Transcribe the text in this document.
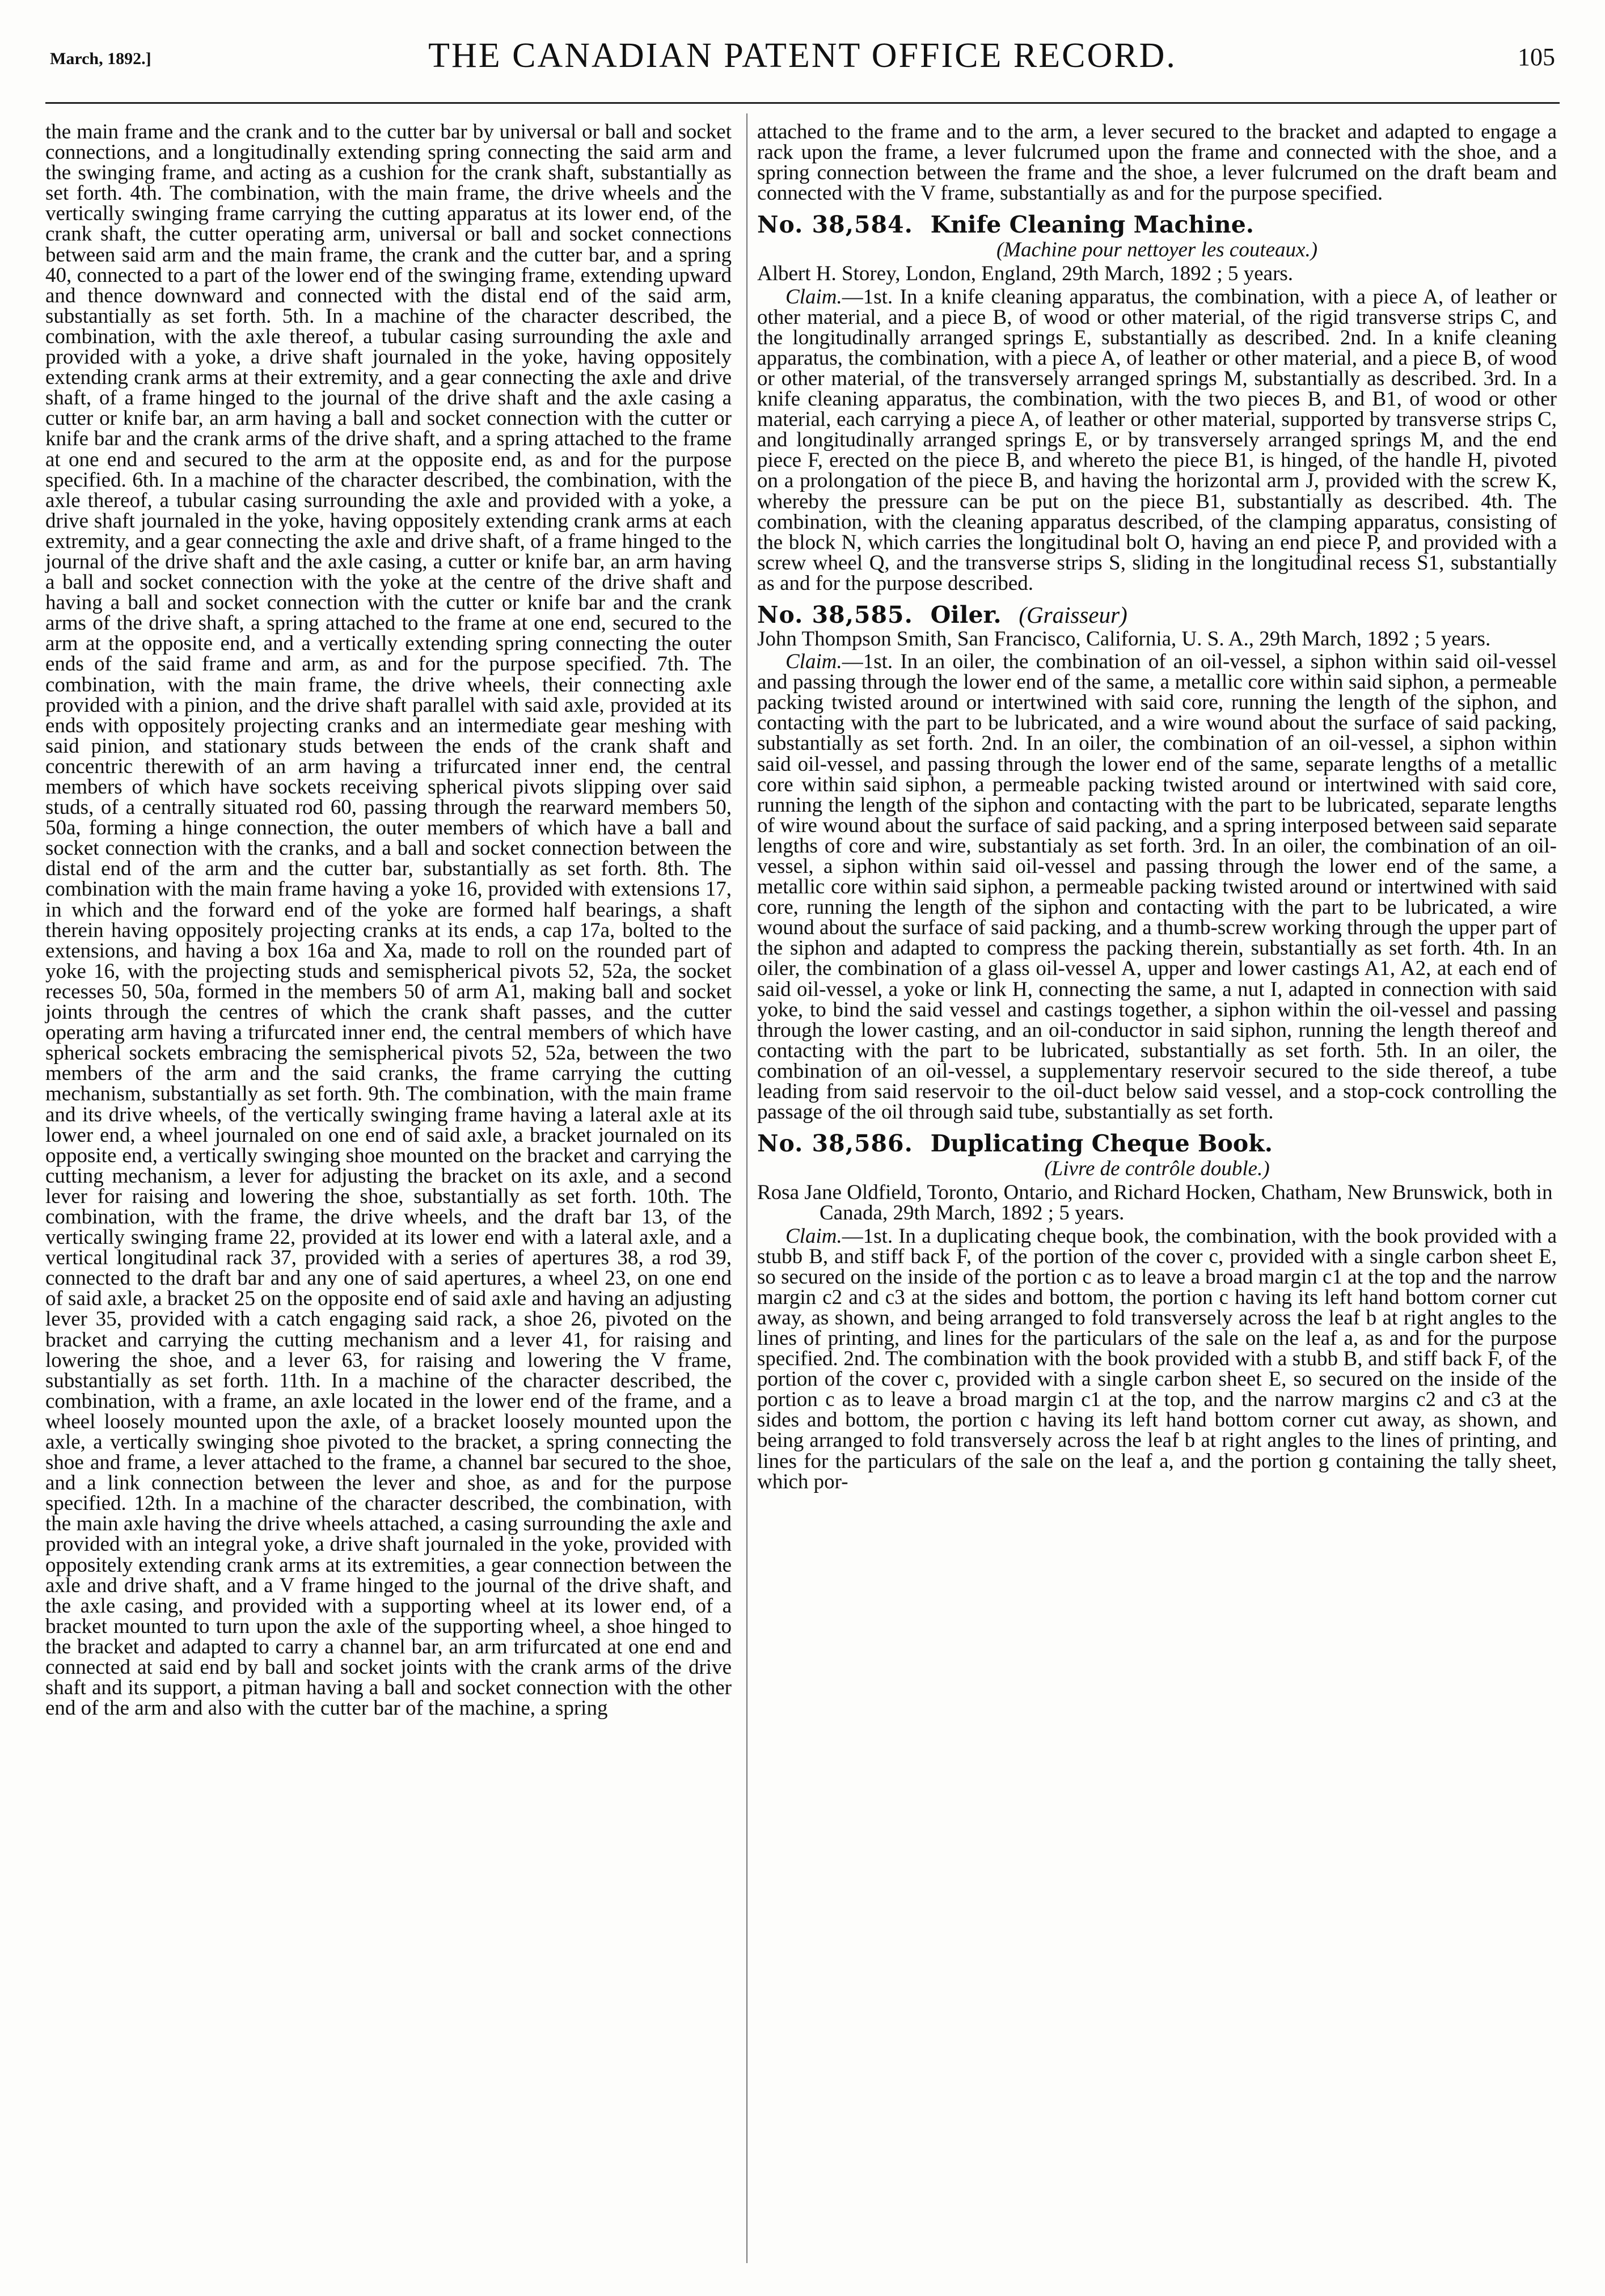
March, 1892.]	THE CANADIAN PATENT OFFICE RECORD.	105

the main frame and the crank and to the cutter bar by universal or ball and socket connections, and a longitudinally extending spring connecting the said arm and the swinging frame, and acting as a cushion for the crank shaft, substantially as set forth. 4th. The combination, with the main frame, the drive wheels and the vertically swinging frame carrying the cutting apparatus at its lower end, of the crank shaft, the cutter operating arm, universal or ball and socket connections between said arm and the main frame, the crank and the cutter bar, and a spring 40, connected to a part of the lower end of the swinging frame, extending upward and thence downward and connected with the distal end of the said arm, substantially as set forth. 5th. In a machine of the character described, the combination, with the axle thereof, a tubular casing surrounding the axle and provided with a yoke, a drive shaft journaled in the yoke, having oppositely extending crank arms at their extremity, and a gear connecting the axle and drive shaft, of a frame hinged to the journal of the drive shaft and the axle casing a cutter or knife bar, an arm having a ball and socket connection with the cutter or knife bar and the crank arms of the drive shaft, and a spring attached to the frame at one end and secured to the arm at the opposite end, as and for the purpose specified. 6th. In a machine of the character described, the combination, with the axle thereof, a tubular casing surrounding the axle and provided with a yoke, a drive shaft journaled in the yoke, having oppositely extending crank arms at each extremity, and a gear connecting the axle and drive shaft, of a frame hinged to the journal of the drive shaft and the axle casing, a cutter or knife bar, an arm having a ball and socket connection with the yoke at the centre of the drive shaft and having a ball and socket connection with the cutter or knife bar and the crank arms of the drive shaft, a spring attached to the frame at one end, secured to the arm at the opposite end, and a vertically extending spring connecting the outer ends of the said frame and arm, as and for the purpose specified. 7th. The combination, with the main frame, the drive wheels, their connecting axle provided with a pinion, and the drive shaft parallel with said axle, provided at its ends with oppositely projecting cranks and an intermediate gear meshing with said pinion, and stationary studs between the ends of the crank shaft and concentric therewith of an arm having a trifurcated inner end, the central members of which have sockets receiving spherical pivots slipping over said studs, of a centrally situated rod 60, passing through the rearward members 50, 50a, forming a hinge connection, the outer members of which have a ball and socket connection with the cranks, and a ball and socket connection between the distal end of the arm and the cutter bar, substantially as set forth. 8th. The combination with the main frame having a yoke 16, provided with extensions 17, in which and the forward end of the yoke are formed half bearings, a shaft therein having oppositely projecting cranks at its ends, a cap 17a, bolted to the extensions, and having a box 16a and Xa, made to roll on the rounded part of yoke 16, with the projecting studs and semispherical pivots 52, 52a, the socket recesses 50, 50a, formed in the members 50 of arm A1, making ball and socket joints through the centres of which the crank shaft passes, and the cutter operating arm having a trifurcated inner end, the central members of which have spherical sockets embracing the semispherical pivots 52, 52a, between the two members of the arm and the said cranks, the frame carrying the cutting mechanism, substantially as set forth. 9th. The combination, with the main frame and its drive wheels, of the vertically swinging frame having a lateral axle at its lower end, a wheel journaled on one end of said axle, a bracket journaled on its opposite end, a vertically swinging shoe mounted on the bracket and carrying the cutting mechanism, a lever for adjusting the bracket on its axle, and a second lever for raising and lowering the shoe, substantially as set forth. 10th. The combination, with the frame, the drive wheels, and the draft bar 13, of the vertically swinging frame 22, provided at its lower end with a lateral axle, and a vertical longitudinal rack 37, provided with a series of apertures 38, a rod 39, connected to the draft bar and any one of said apertures, a wheel 23, on one end of said axle, a bracket 25 on the opposite end of said axle and having an adjusting lever 35, provided with a catch engaging said rack, a shoe 26, pivoted on the bracket and carrying the cutting mechanism and a lever 41, for raising and lowering the shoe, and a lever 63, for raising and lowering the V frame, substantially as set forth. 11th. In a machine of the character described, the combination, with a frame, an axle located in the lower end of the frame, and a wheel loosely mounted upon the axle, of a bracket loosely mounted upon the axle, a vertically swinging shoe pivoted to the bracket, a spring connecting the shoe and frame, a lever attached to the frame, a channel bar secured to the shoe, and a link connection between the lever and shoe, as and for the purpose specified. 12th. In a machine of the character described, the combination, with the main axle having the drive wheels attached, a casing surrounding the axle and provided with an integral yoke, a drive shaft journaled in the yoke, provided with oppositely extending crank arms at its extremities, a gear connection between the axle and drive shaft, and a V frame hinged to the journal of the drive shaft, and the axle casing, and provided with a supporting wheel at its lower end, of a bracket mounted to turn upon the axle of the supporting wheel, a shoe hinged to the bracket and adapted to carry a channel bar, an arm trifurcated at one end and connected at said end by ball and socket joints with the crank arms of the drive shaft and its support, a pitman having a ball and socket connection with the other end of the arm and also with the cutter bar of the machine, a spring

attached to the frame and to the arm, a lever secured to the bracket and adapted to engage a rack upon the frame, a lever fulcrumed upon the frame and connected with the shoe, and a spring connection between the frame and the shoe, a lever fulcrumed on the draft beam and connected with the V frame, substantially as and for the purpose specified.

No. 38,584. Knife Cleaning Machine.

(Machine pour nettoyer les couteaux.)

Albert H. Storey, London, England, 29th March, 1892 ; 5 years.

Claim.—1st. In a knife cleaning apparatus, the combination, with a piece A, of leather or other material, and a piece B, of wood or other material, of the rigid transverse strips C, and the longitudinally arranged springs E, substantially as described. 2nd. In a knife cleaning apparatus, the combination, with a piece A, of leather or other material, and a piece B, of wood or other material, of the transversely arranged springs M, substantially as described. 3rd. In a knife cleaning apparatus, the combination, with the two pieces B, and B1, of wood or other material, each carrying a piece A, of leather or other material, supported by transverse strips C, and longitudinally arranged springs E, or by transversely arranged springs M, and the end piece F, erected on the piece B, and whereto the piece B1, is hinged, of the handle H, pivoted on a prolongation of the piece B, and having the horizontal arm J, provided with the screw K, whereby the pressure can be put on the piece B1, substantially as described. 4th. The combination, with the cleaning apparatus described, of the clamping apparatus, consisting of the block N, which carries the longitudinal bolt O, having an end piece P, and provided with a screw wheel Q, and the transverse strips S, sliding in the longitudinal recess S1, substantially as and for the purpose described.

No. 38,585. Oiler. (Graisseur)

John Thompson Smith, San Francisco, California, U. S. A., 29th March, 1892 ; 5 years.

Claim.—1st. In an oiler, the combination of an oil-vessel, a siphon within said oil-vessel and passing through the lower end of the same, a metallic core within said siphon, a permeable packing twisted around or intertwined with said core, running the length of the siphon, and contacting with the part to be lubricated, and a wire wound about the surface of said packing, substantially as set forth. 2nd. In an oiler, the combination of an oil-vessel, a siphon within said oil-vessel, and passing through the lower end of the same, separate lengths of a metallic core within said siphon, a permeable packing twisted around or intertwined with said core, running the length of the siphon and contacting with the part to be lubricated, separate lengths of wire wound about the surface of said packing, and a spring interposed between said separate lengths of core and wire, substantialy as set forth. 3rd. In an oiler, the combination of an oil-vessel, a siphon within said oil-vessel and passing through the lower end of the same, a metallic core within said siphon, a permeable packing twisted around or intertwined with said core, running the length of the siphon and contacting with the part to be lubricated, a wire wound about the surface of said packing, and a thumb-screw working through the upper part of the siphon and adapted to compress the packing therein, substantially as set forth. 4th. In an oiler, the combination of a glass oil-vessel A, upper and lower castings A1, A2, at each end of said oil-vessel, a yoke or link H, connecting the same, a nut I, adapted in connection with said yoke, to bind the said vessel and castings together, a siphon within the oil-vessel and passing through the lower casting, and an oil-conductor in said siphon, running the length thereof and contacting with the part to be lubricated, substantially as set forth. 5th. In an oiler, the combination of an oil-vessel, a supplementary reservoir secured to the side thereof, a tube leading from said reservoir to the oil-duct below said vessel, and a stop-cock controlling the passage of the oil through said tube, substantially as set forth.

No. 38,586. Duplicating Cheque Book.

(Livre de contrôle double.)

Rosa Jane Oldfield, Toronto, Ontario, and Richard Hocken, Chatham, New Brunswick, both in Canada, 29th March, 1892 ; 5 years.

Claim.—1st. In a duplicating cheque book, the combination, with the book provided with a stubb B, and stiff back F, of the portion of the cover c, provided with a single carbon sheet E, so secured on the inside of the portion c as to leave a broad margin c1 at the top and the narrow margin c2 and c3 at the sides and bottom, the portion c having its left hand bottom corner cut away, as shown, and being arranged to fold transversely across the leaf b at right angles to the lines of printing, and lines for the particulars of the sale on the leaf a, as and for the purpose specified. 2nd. The combination with the book provided with a stubb B, and stiff back F, of the portion of the cover c, provided with a single carbon sheet E, so secured on the inside of the portion c as to leave a broad margin c1 at the top, and the narrow margins c2 and c3 at the sides and bottom, the portion c having its left hand bottom corner cut away, as shown, and being arranged to fold transversely across the leaf b at right angles to the lines of printing, and lines for the particulars of the sale on the leaf a, and the portion g containing the tally sheet, which por-
